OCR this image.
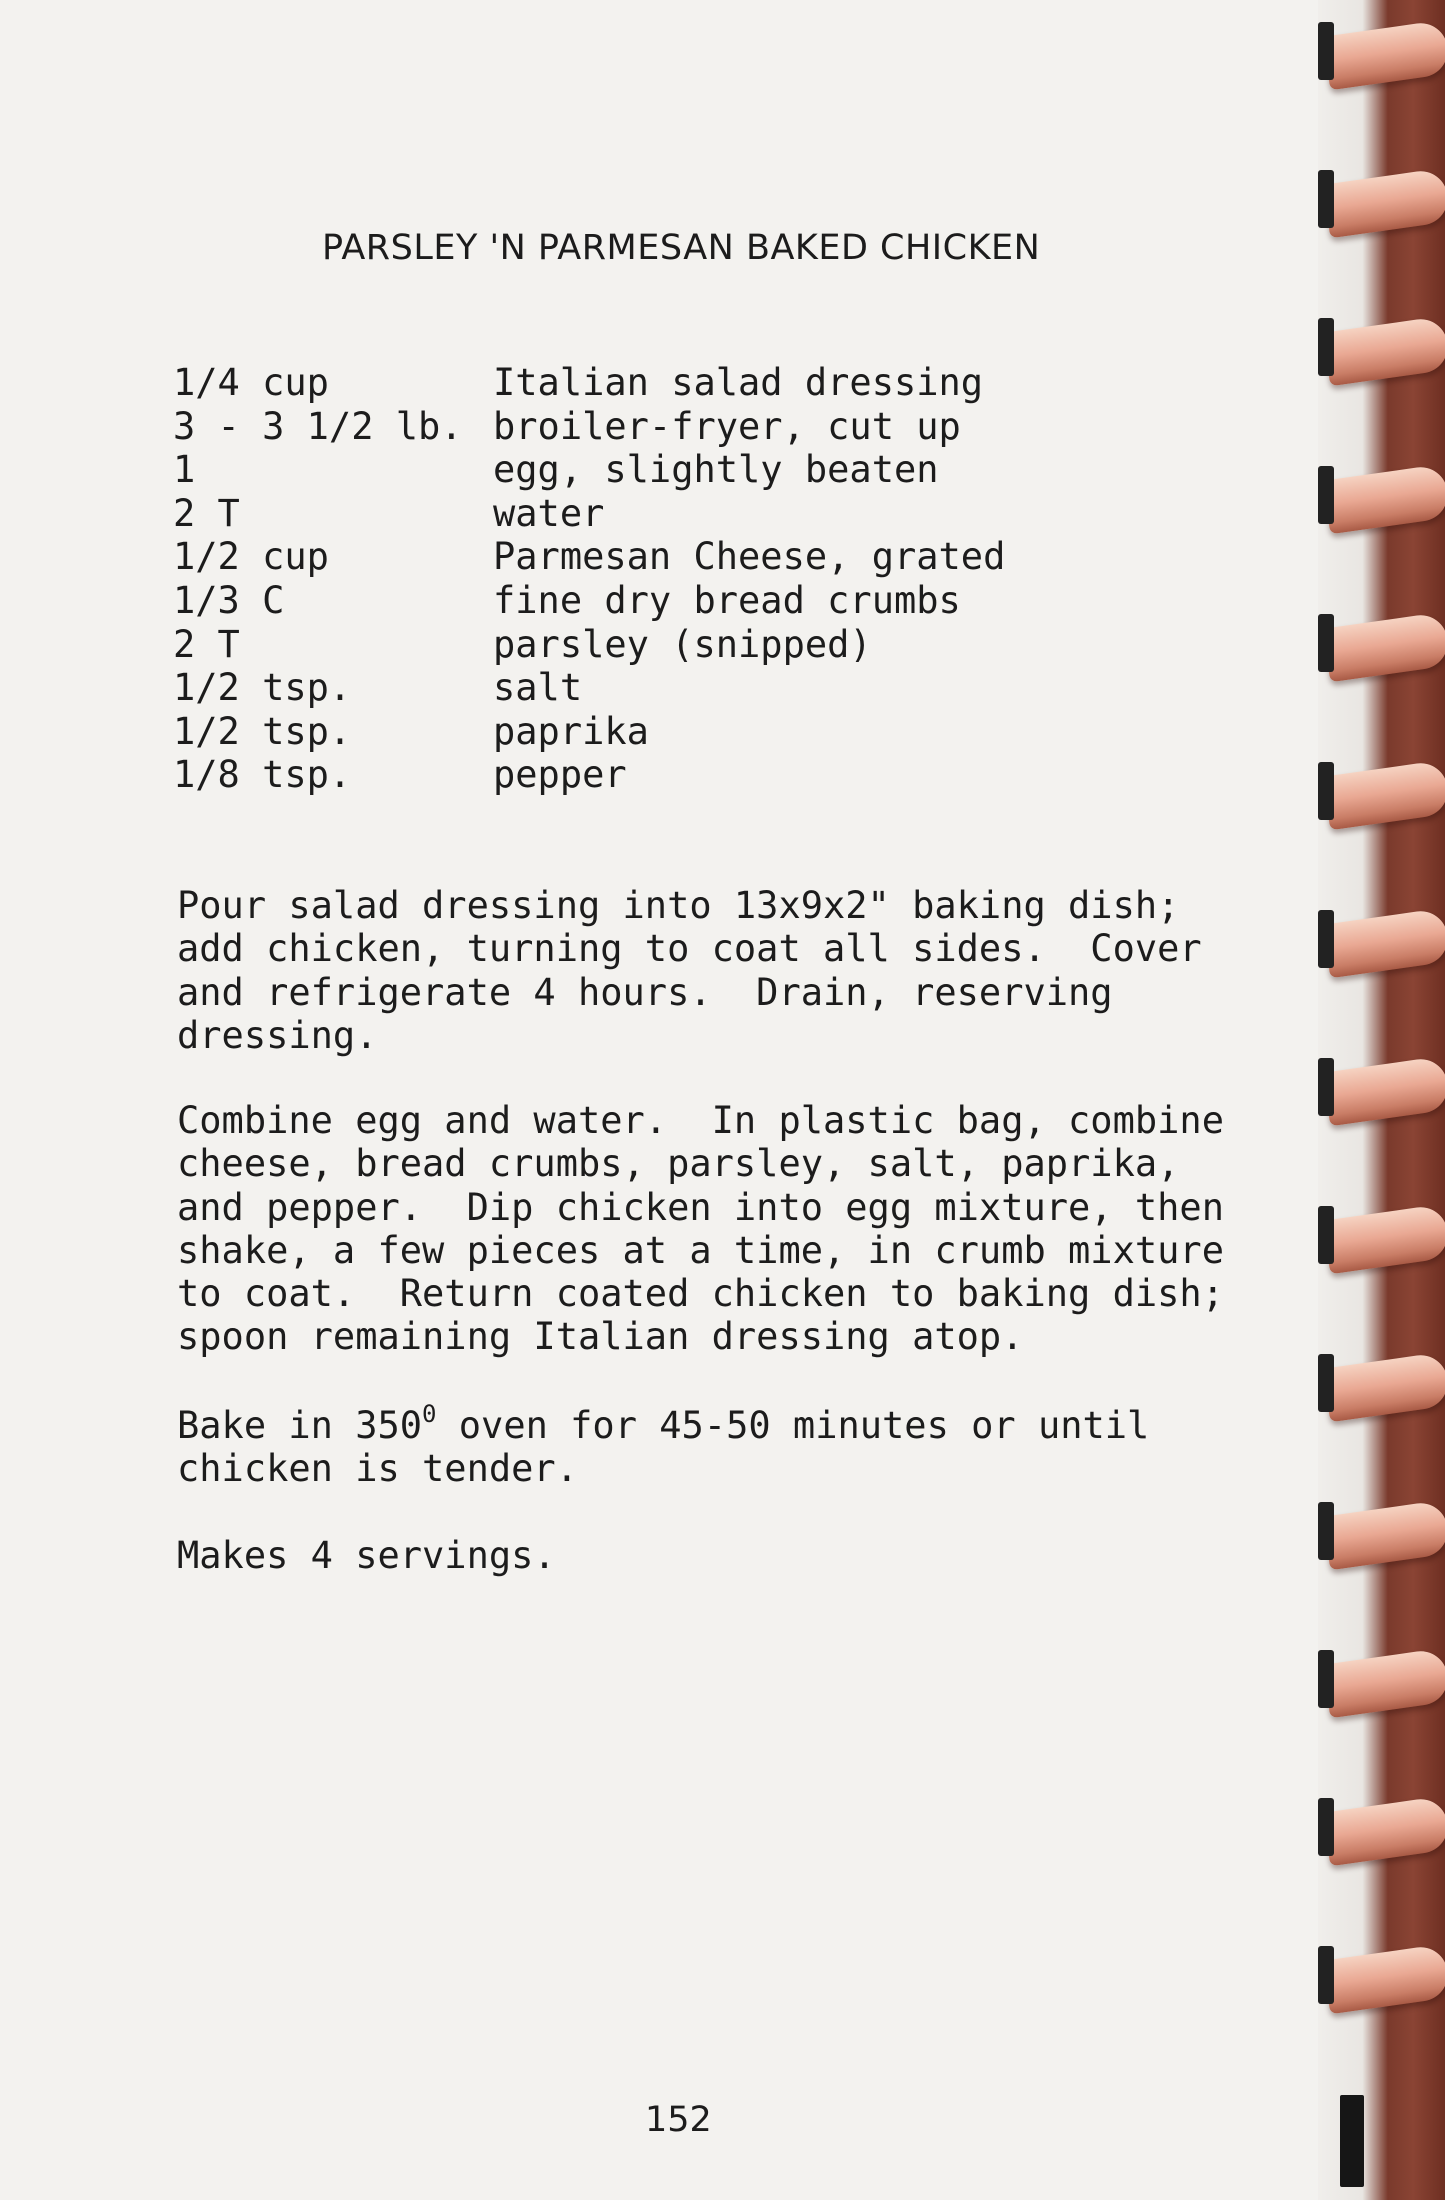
PARSLEY 'N PARMESAN BAKED CHICKEN
1/4 cup	Italian salad dressing
3 - 3 1/2 lb. broiler-fryer, cut up
1	egg, slightly beaten
2 T	water
1/2 cup	Parmesan Cheese, grated
1/3 C	fine dry bread crumbs
2 T	parsley (snipped)
1/2 tsp.	salt
1/2 tsp.	paprika
1/8 tsp.	pepper

Pour salad dressing into 13x9x2" baking dish;
add chicken, turning to coat all sides.  Cover
and refrigerate 4 hours.  Drain, reserving
dressing.

Combine egg and water.  In plastic bag, combine
cheese, bread crumbs, parsley, salt, paprika,
and pepper.  Dip chicken into egg mixture, then
shake, a few pieces at a time, in crumb mixture
to coat.  Return coated chicken to baking dish;
spoon remaining Italian dressing atop.

Bake in $350^0$ oven for 45-50 minutes or until
chicken is tender.

Makes 4 servings.

152
